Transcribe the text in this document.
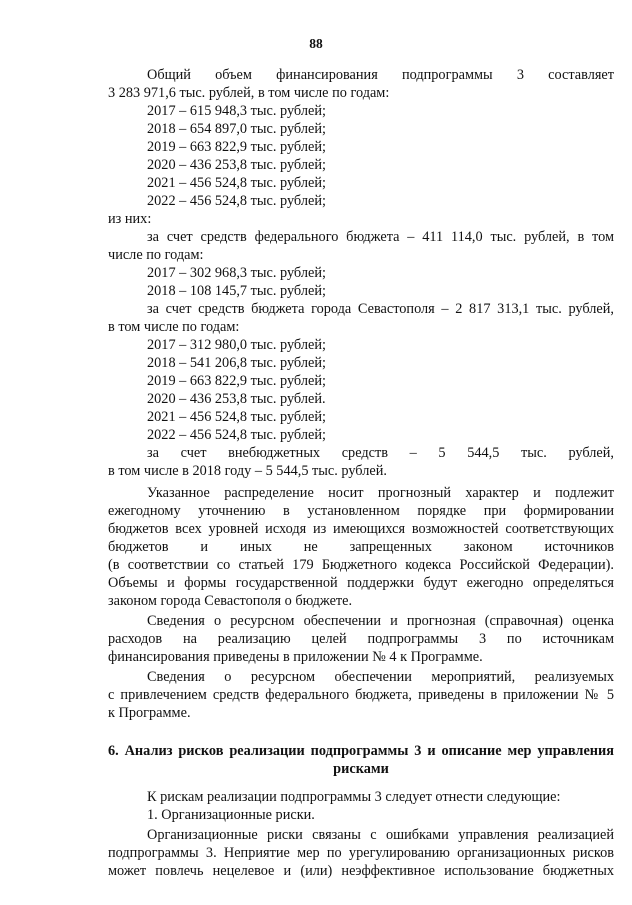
88
Общий объем финансирования подпрограммы 3 составляет
3 283 971,6 тыс. рублей, в том числе по годам:
2017 – 615 948,3 тыс. рублей;
2018 – 654 897,0 тыс. рублей;
2019 – 663 822,9 тыс. рублей;
2020 – 436 253,8 тыс. рублей;
2021 – 456 524,8 тыс. рублей;
2022 – 456 524,8 тыс. рублей;
из них:
за счет средств федерального бюджета – 411 114,0 тыс. рублей, в том
числе по годам:
2017 – 302 968,3 тыс. рублей;
2018 – 108 145,7 тыс. рублей;
за счет средств бюджета города Севастополя – 2 817 313,1 тыс. рублей,
в том числе по годам:
2017 – 312 980,0 тыс. рублей;
2018 – 541 206,8 тыс. рублей;
2019 – 663 822,9 тыс. рублей;
2020 – 436 253,8 тыс. рублей.
2021 – 456 524,8 тыс. рублей;
2022 – 456 524,8 тыс. рублей;
за счет внебюджетных средств – 5 544,5 тыс. рублей,
в том числе в 2018 году – 5 544,5 тыс. рублей.
Указанное распределение носит прогнозный характер и подлежит
ежегодному уточнению в установленном порядке при формировании
бюджетов всех уровней исходя из имеющихся возможностей соответствующих
бюджетов и иных не запрещенных законом источников
(в соответствии со статьей 179 Бюджетного кодекса Российской Федерации).
Объемы и формы государственной поддержки будут ежегодно определяться
законом города Севастополя о бюджете.
Сведения о ресурсном обеспечении и прогнозная (справочная) оценка
расходов на реализацию целей подпрограммы 3 по источникам
финансирования приведены в приложении № 4 к Программе.
Сведения о ресурсном обеспечении мероприятий, реализуемых
с привлечением средств федерального бюджета, приведены в приложении № 5
к Программе.
6. Анализ рисков реализации подпрограммы 3 и описание мер управления
рисками
К рискам реализации подпрограммы 3 следует отнести следующие:
1. Организационные риски.
Организационные риски связаны с ошибками управления реализацией
подпрограммы 3. Неприятие мер по урегулированию организационных рисков
может повлечь нецелевое и (или) неэффективное использование бюджетных
